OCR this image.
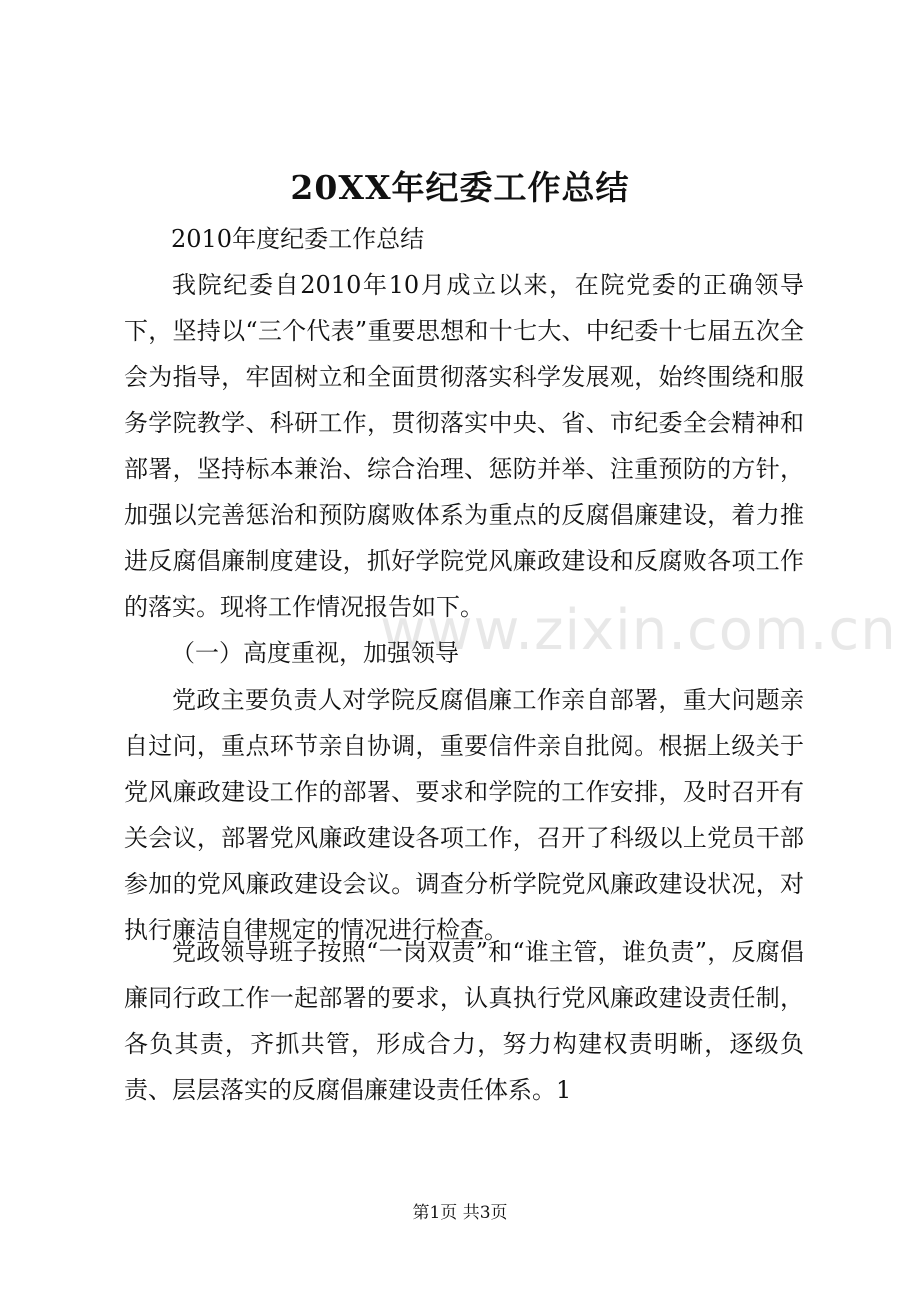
20XX年纪委工作总结
2010年度纪委工作总结

我院纪委自2010年10月成立以来，在院党委的正确领导下，坚持以“三个代表”重要思想和十七大、中纪委十七届五次全会为指导，牢固树立和全面贯彻落实科学发展观，始终围绕和服务学院教学、科研工作，贯彻落实中央、省、市纪委全会精神和部署，坚持标本兼治、综合治理、惩防并举、注重预防的方针，加强以完善惩治和预防腐败体系为重点的反腐倡廉建设，着力推进反腐倡廉制度建设，抓好学院党风廉政建设和反腐败各项工作的落实。现将工作情况报告如下。

（一）高度重视，加强领导

党政主要负责人对学院反腐倡廉工作亲自部署，重大问题亲自过问，重点环节亲自协调，重要信件亲自批阅。根据上级关于党风廉政建设工作的部署、要求和学院的工作安排，及时召开有关会议，部署党风廉政建设各项工作，召开了科级以上党员干部参加的党风廉政建设会议。调查分析学院党风廉政建设状况，对执行廉洁自律规定的情况进行检查。

党政领导班子按照“一岗双责”和“谁主管，谁负责”，反腐倡廉同行政工作一起部署的要求，认真执行党风廉政建设责任制，各负其责，齐抓共管，形成合力，努力构建权责明晰，逐级负责、层层落实的反腐倡廉建设责任体系。1

www.zixin.com.cn
第1页 共3页
